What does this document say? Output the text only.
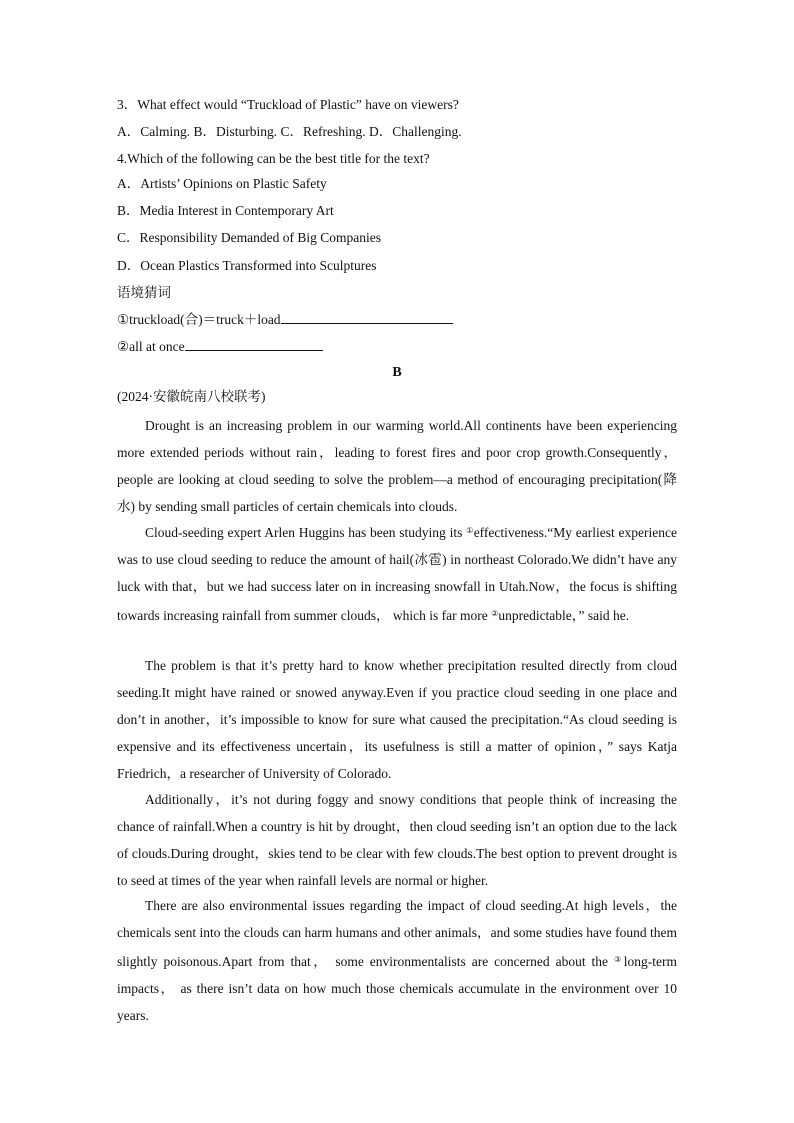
3．What effect would “Truckload of Plastic” have on viewers?
A．Calming. B．Disturbing. C．Refreshing. D．Challenging.
4.Which of the following can be the best title for the text?
A．Artists’ Opinions on Plastic Safety
B．Media Interest in Contemporary Art
C．Responsibility Demanded of Big Companies
D．Ocean Plastics Transformed into Sculptures
语境猜词
①truckload(合)＝truck＋load
②all at once
B
(2024·安徽皖南八校联考)
Drought is an increasing problem in our warming world.All continents have been experiencing more extended periods without rain，leading to forest fires and poor crop growth.Consequently，people are looking at cloud seeding to solve the problem—a method of encouraging precipitation(降水) by sending small particles of certain chemicals into clouds.
Cloud-seeding expert Arlen Huggins has been studying its ①effectiveness.“My earliest experience was to use cloud seeding to reduce the amount of hail(冰雹) in northeast Colorado.We didn’t have any luck with that，but we had success later on in increasing snowfall in Utah.Now，the focus is shifting towards increasing rainfall from summer clouds， which is far more ②unpredictable，” said he.
The problem is that it’s pretty hard to know whether precipitation resulted directly from cloud seeding.It might have rained or snowed anyway.Even if you practice cloud seeding in one place and don’t in another，it’s impossible to know for sure what caused the precipitation.“As cloud seeding is expensive and its effectiveness uncertain，its usefulness is still a matter of opinion，” says Katja Friedrich，a researcher of University of Colorado.
Additionally，it’s not during foggy and snowy conditions that people think of increasing the chance of rainfall.When a country is hit by drought，then cloud seeding isn’t an option due to the lack of clouds.During drought，skies tend to be clear with few clouds.The best option to prevent drought is to seed at times of the year when rainfall levels are normal or higher.
There are also environmental issues regarding the impact of cloud seeding.At high levels，the chemicals sent into the clouds can harm humans and other animals，and some studies have found them slightly poisonous.Apart from that， some environmentalists are concerned about the ③long-term impacts， as there isn’t data on how much those chemicals accumulate in the environment over 10 years.
